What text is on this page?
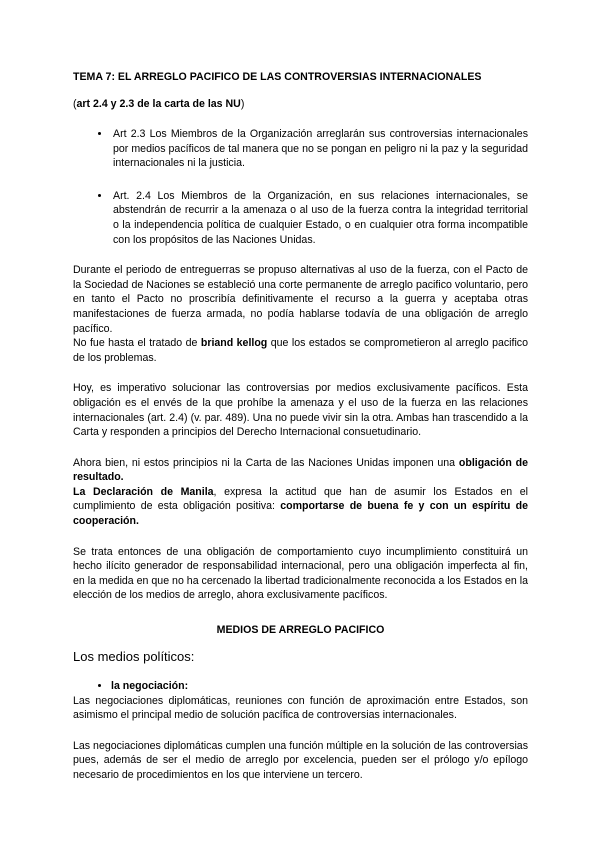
TEMA 7: EL ARREGLO PACIFICO DE LAS CONTROVERSIAS INTERNACIONALES

(art 2.4 y 2.3 de la carta de las NU)

• Art 2.3 Los Miembros de la Organización arreglarán sus controversias internacionales por medios pacíficos de tal manera que no se pongan en peligro ni la paz y la seguridad internacionales ni la justicia.
• Art. 2.4 Los Miembros de la Organización, en sus relaciones internacionales, se abstendrán de recurrir a la amenaza o al uso de la fuerza contra la integridad territorial o la independencia política de cualquier Estado, o en cualquier otra forma incompatible con los propósitos de las Naciones Unidas.

Durante el periodo de entreguerras se propuso alternativas al uso de la fuerza, con el Pacto de la Sociedad de Naciones se estableció una corte permanente de arreglo pacifico voluntario, pero en tanto el Pacto no proscribía definitivamente el recurso a la guerra y aceptaba otras manifestaciones de fuerza armada, no podía hablarse todavía de una obligación de arreglo pacífico.

No fue hasta el tratado de briand kellog que los estados se comprometieron al arreglo pacifico de los problemas.

Hoy, es imperativo solucionar las controversias por medios exclusivamente pacíficos. Esta obligación es el envés de la que prohíbe la amenaza y el uso de la fuerza en las relaciones internacionales (art. 2.4) (v. par. 489). Una no puede vivir sin la otra. Ambas han trascendido a la Carta y responden a principios del Derecho Internacional consuetudinario.

Ahora bien, ni estos principios ni la Carta de las Naciones Unidas imponen una obligación de resultado.

La Declaración de Manila, expresa la actitud que han de asumir los Estados en el cumplimiento de esta obligación positiva: comportarse de buena fe y con un espíritu de cooperación.

Se trata entonces de una obligación de comportamiento cuyo incumplimiento constituirá un hecho ilícito generador de responsabilidad internacional, pero una obligación imperfecta al fin, en la medida en que no ha cercenado la libertad tradicionalmente reconocida a los Estados en la elección de los medios de arreglo, ahora exclusivamente pacíficos.

MEDIOS DE ARREGLO PACIFICO

Los medios políticos:

• la negociación:

Las negociaciones diplomáticas, reuniones con función de aproximación entre Estados, son asimismo el principal medio de solución pacífica de controversias internacionales.

Las negociaciones diplomáticas cumplen una función múltiple en la solución de las controversias pues, además de ser el medio de arreglo por excelencia, pueden ser el prólogo y/o epílogo necesario de procedimientos en los que interviene un tercero.
